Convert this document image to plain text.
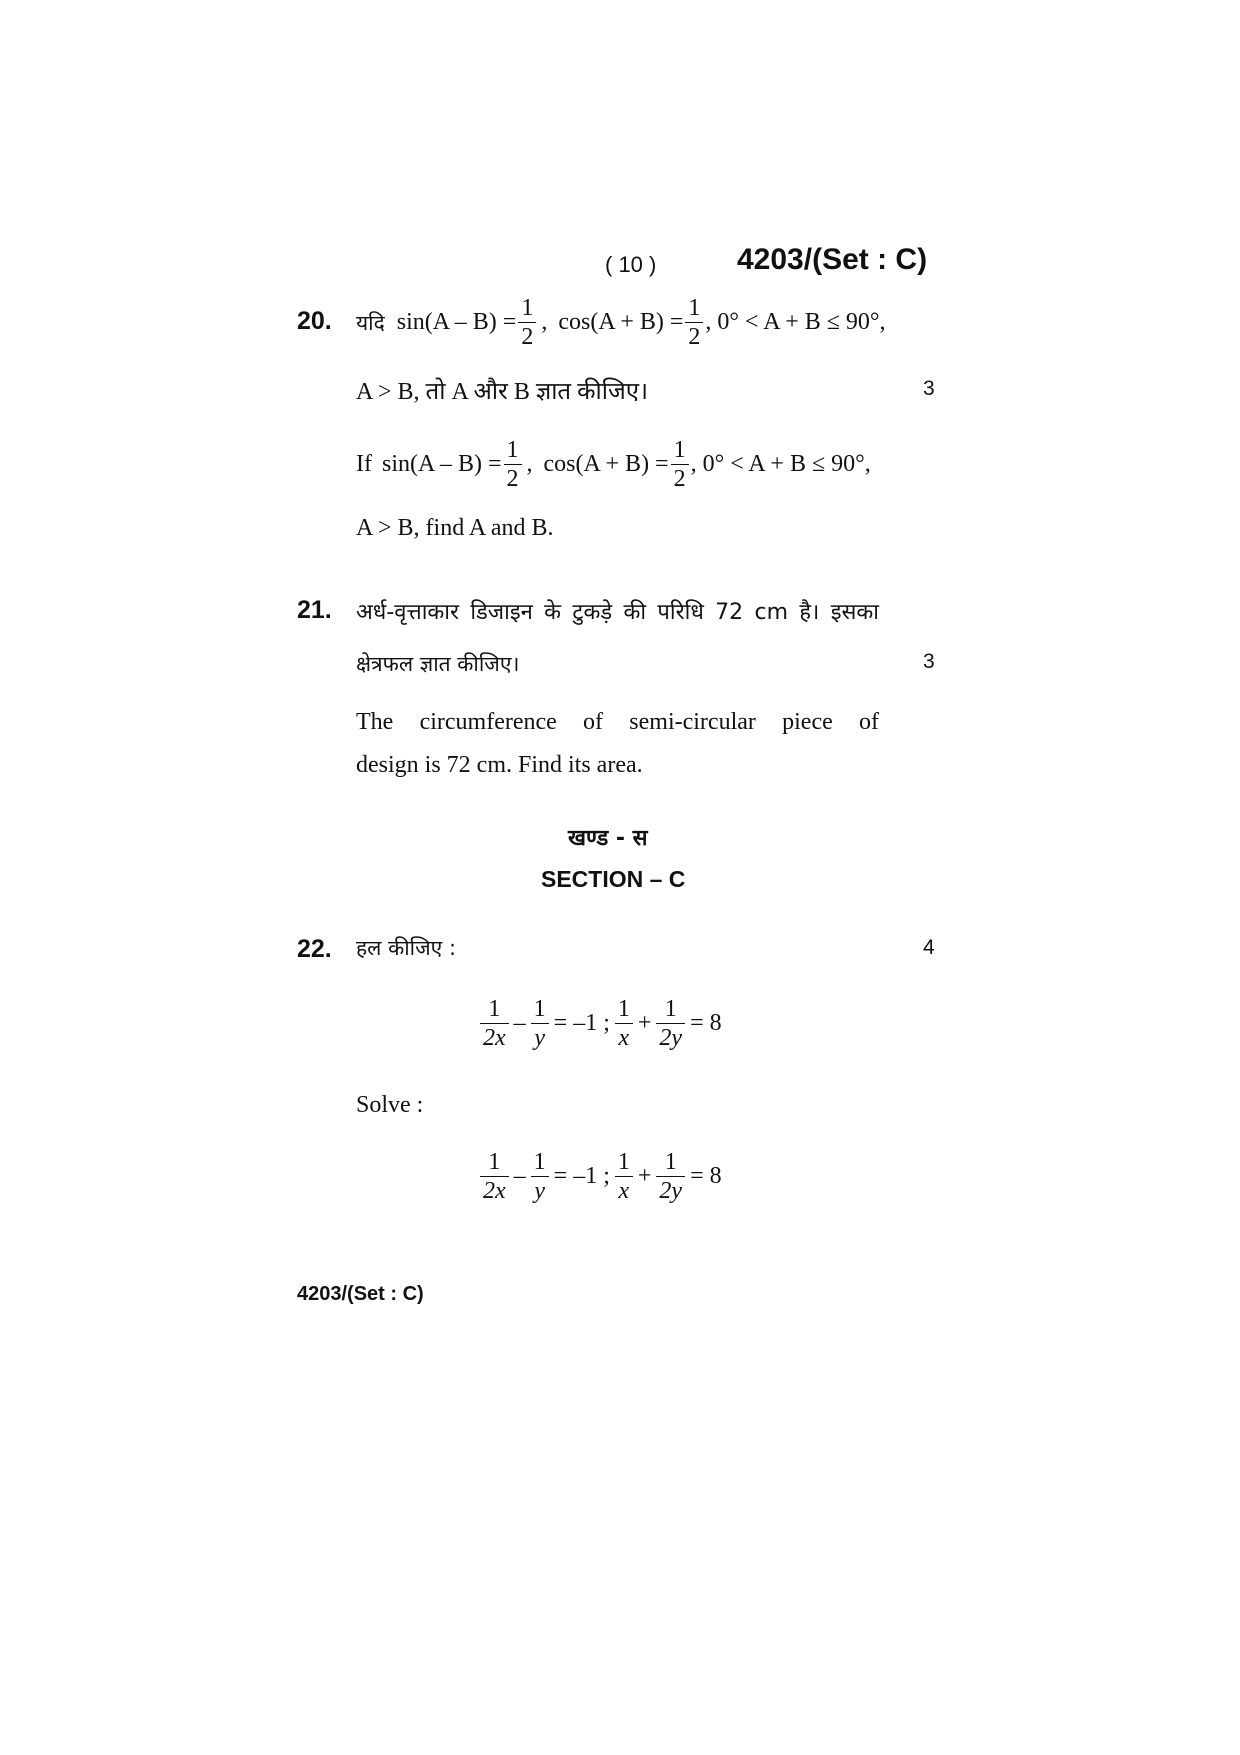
( 10 )	4203/(Set : C)
20. यदि $\sin(A - B) = \frac{1}{2}$ , $\cos(A + B) = \frac{1}{2}$ , 0° < A + B ≤ 90°,
A > B, तो A और B ज्ञात कीजिए।	3
If $\sin(A - B) = \frac{1}{2}$ , $\cos(A + B) = \frac{1}{2}$ , 0° < A + B ≤ 90°,
A > B, find A and B.
21. अर्ध-वृत्ताकार डिजाइन के टुकड़े की परिधि 72 cm है। इसका
क्षेत्रफल ज्ञात कीजिए।	3
The circumference of semi-circular piece of
design is 72 cm. Find its area.
खण्ड - स
SECTION – C
22. हल कीजिए :	4
$\frac{1}{2x} - \frac{1}{y} = -1$ ; $\frac{1}{x} + \frac{1}{2y} = 8$
Solve :
$\frac{1}{2x} - \frac{1}{y} = -1$ ; $\frac{1}{x} + \frac{1}{2y} = 8$
4203/(Set : C)
